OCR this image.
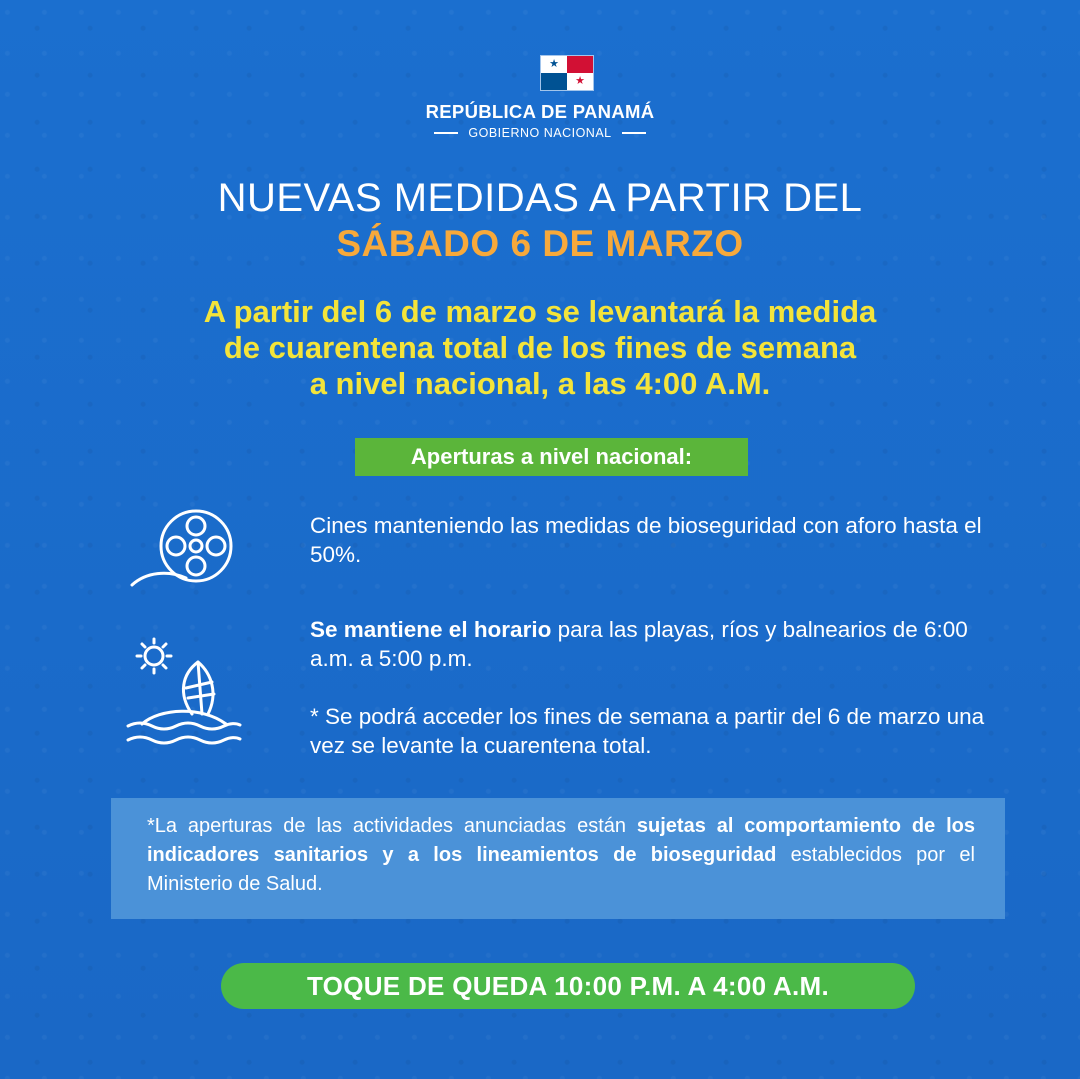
★
★
REPÚBLICA DE PANAMÁ
GOBIERNO NACIONAL
NUEVAS MEDIDAS A PARTIR DEL
SÁBADO 6 DE MARZO
A partir del 6 de marzo se levantará la medida
de cuarentena total de los fines de semana
a nivel nacional, a las 4:00 A.M.
Aperturas a nivel nacional:
Cines manteniendo las medidas de bioseguridad con aforo hasta el 50%.
Se mantiene el horario para las playas, ríos y balnearios de 6:00 a.m. a 5:00 p.m.
* Se podrá acceder los fines de semana a partir del 6 de marzo una vez se levante la cuarentena total.
*La aperturas de las actividades anunciadas están sujetas al comportamiento de los indicadores sanitarios y a los lineamientos de bioseguridad establecidos por el Ministerio de Salud.
TOQUE DE QUEDA 10:00 P.M. A 4:00 A.M.
